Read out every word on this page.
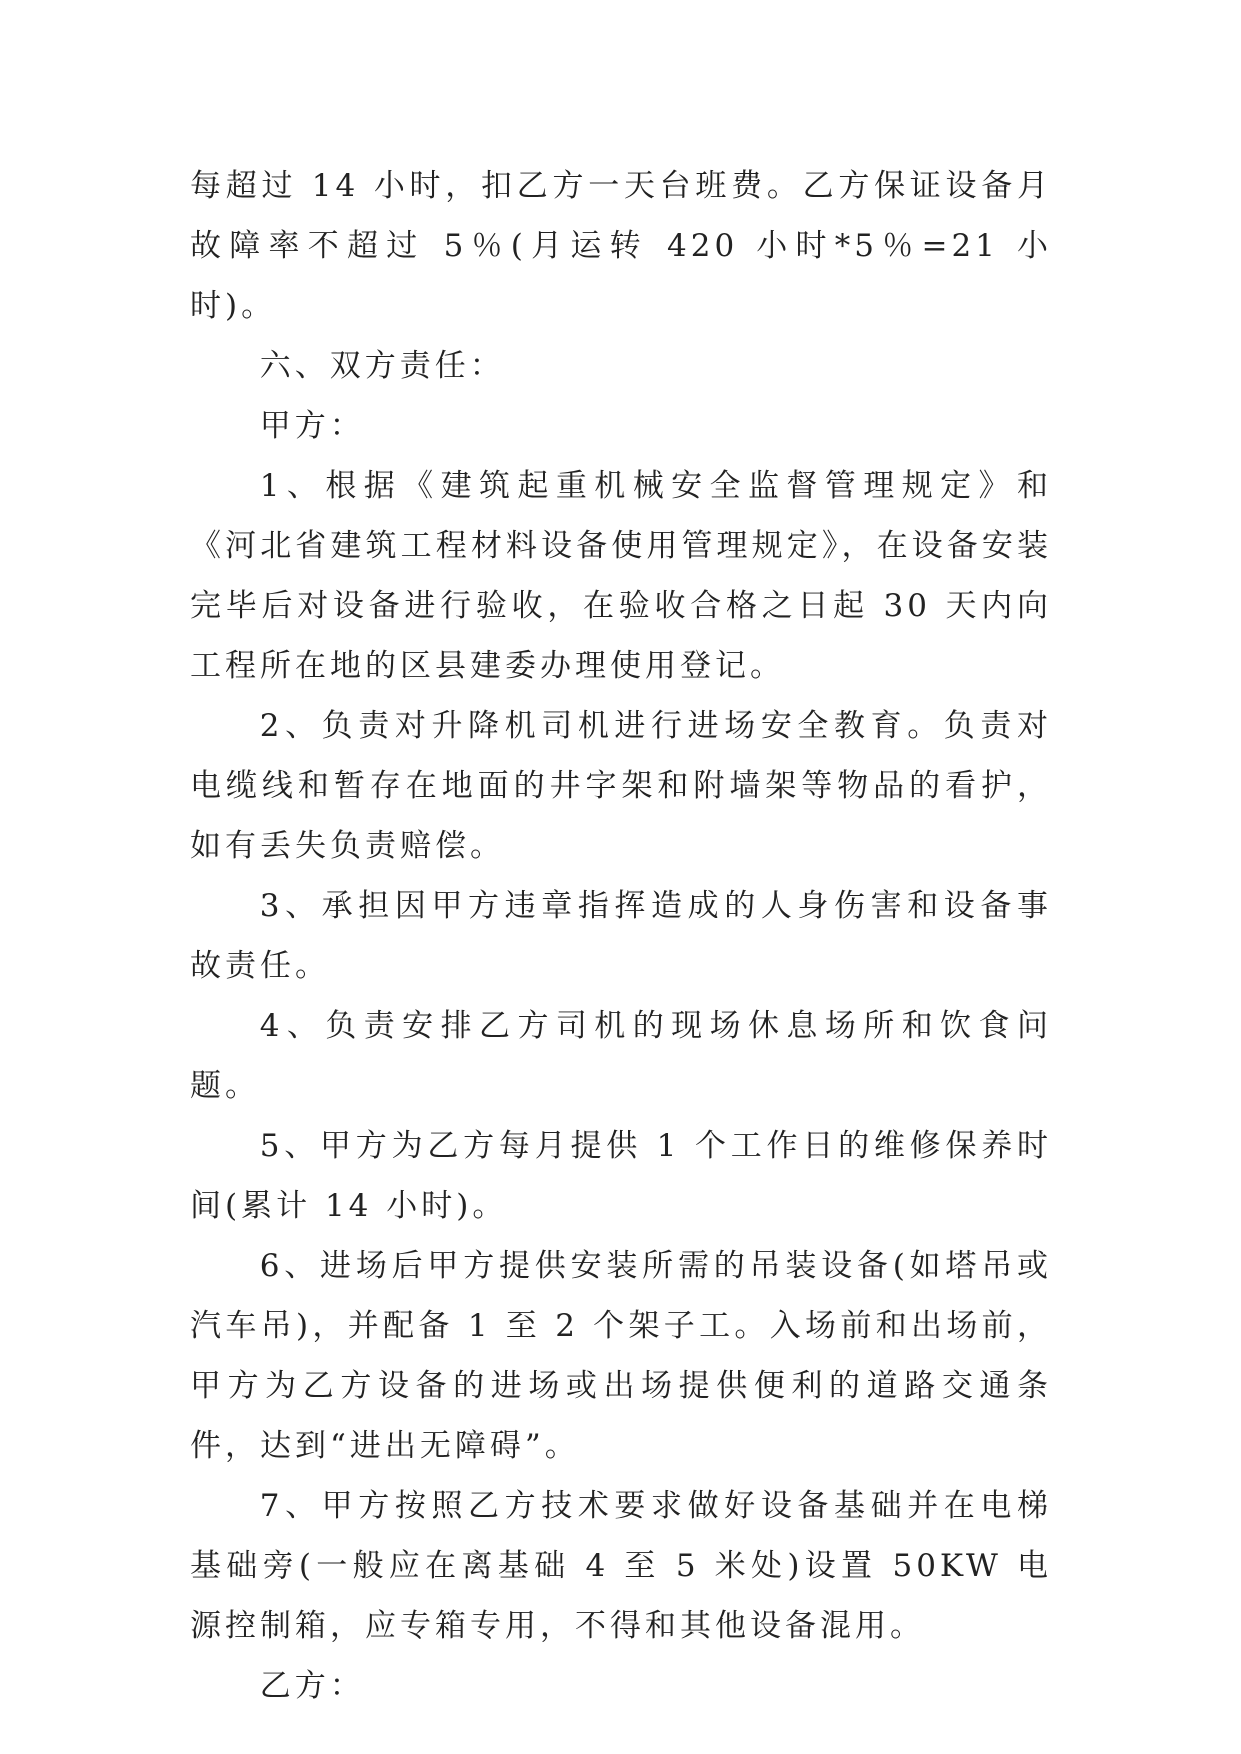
每超过 14 小时，扣乙方一天台班费。乙方保证设备月故障率不超过 5％(月运转 420 小时*5％=21 小时)。

六、双方责任：

甲方：

1、根据《建筑起重机械安全监督管理规定》和《河北省建筑工程材料设备使用管理规定》，在设备安装完毕后对设备进行验收，在验收合格之日起 30 天内向工程所在地的区县建委办理使用登记。

2、负责对升降机司机进行进场安全教育。负责对电缆线和暂存在地面的井字架和附墙架等物品的看护，如有丢失负责赔偿。

3、承担因甲方违章指挥造成的人身伤害和设备事故责任。

4、负责安排乙方司机的现场休息场所和饮食问题。

5、甲方为乙方每月提供 1 个工作日的维修保养时间(累计 14 小时)。

6、进场后甲方提供安装所需的吊装设备(如塔吊或汽车吊)，并配备 1 至 2 个架子工。入场前和出场前，甲方为乙方设备的进场或出场提供便利的道路交通条件，达到“进出无障碍”。

7、甲方按照乙方技术要求做好设备基础并在电梯基础旁(一般应在离基础 4 至 5 米处)设置 50KW 电源控制箱，应专箱专用，不得和其他设备混用。

乙方：
